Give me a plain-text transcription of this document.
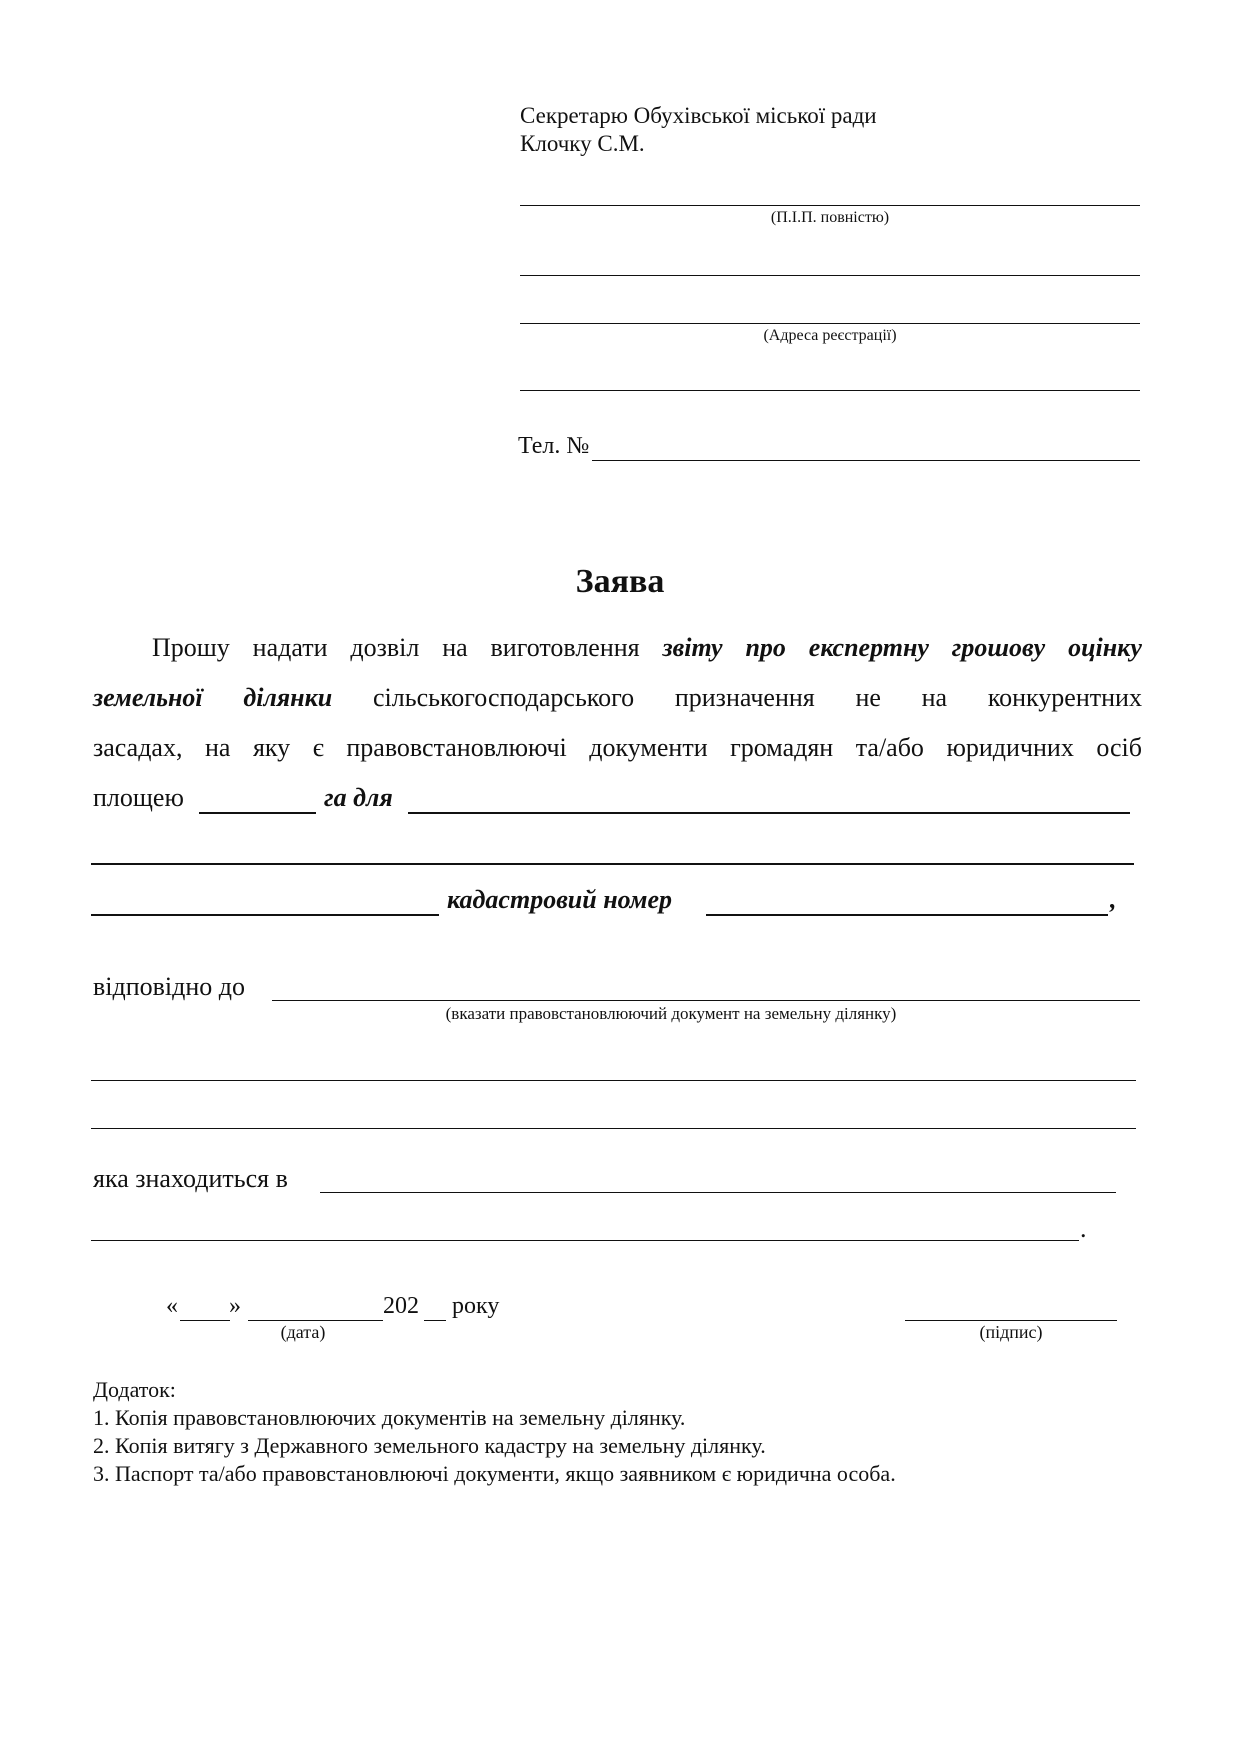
Секретарю Обухівської міської ради
Клочку С.М.
(П.І.П. повністю)
(Адреса реєстрації)
Тел. №
Заява
Прошу надати дозвіл на виготовлення звіту про експертну грошову оцінку
земельної ділянки сільськогосподарського призначення не на конкурентних
засадах, на яку є правовстановлюючі документи громадян та/або юридичних осіб
площею	га для
кадастровий номер	,
відповідно до
(вказати правовстановлюючий документ на земельну ділянку)
яка знаходиться в
.
« »	202 року
(дата)	(підпис)
Додаток:
1. Копія правовстановлюючих документів на земельну ділянку.
2. Копія витягу з Державного земельного кадастру на земельну ділянку.
3. Паспорт та/або правовстановлюючі документи, якщо заявником є юридична особа.
